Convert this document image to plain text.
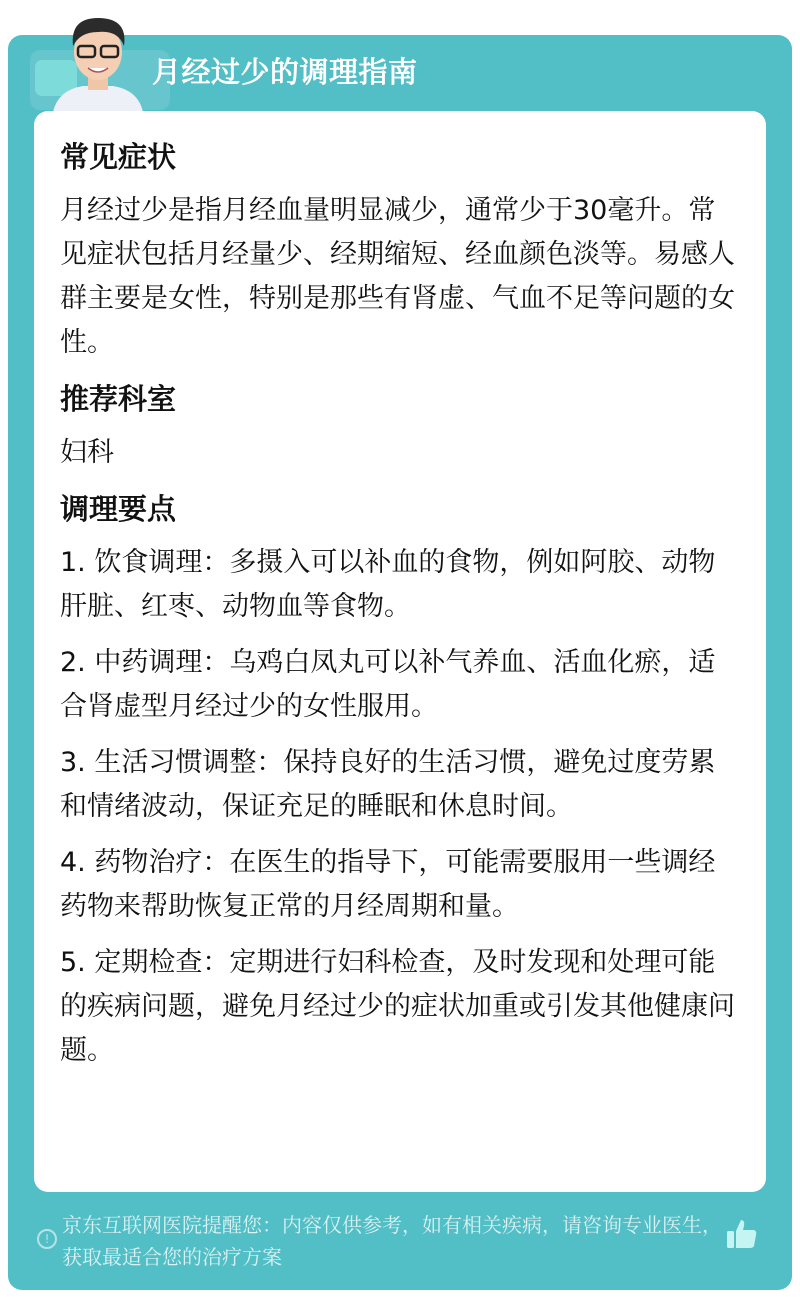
月经过少的调理指南
常见症状

月经过少是指月经血量明显减少，通常少于30毫升。常见症状包括月经量少、经期缩短、经血颜色淡等。易感人群主要是女性，特别是那些有肾虚、气血不足等问题的女性。

推荐科室

妇科

调理要点

1. 饮食调理：多摄入可以补血的食物，例如阿胶、动物肝脏、红枣、动物血等食物。

2. 中药调理：乌鸡白凤丸可以补气养血、活血化瘀，适合肾虚型月经过少的女性服用。

3. 生活习惯调整：保持良好的生活习惯，避免过度劳累和情绪波动，保证充足的睡眠和休息时间。

4. 药物治疗：在医生的指导下，可能需要服用一些调经药物来帮助恢复正常的月经周期和量。

5. 定期检查：定期进行妇科检查，及时发现和处理可能的疾病问题，避免月经过少的症状加重或引发其他健康问题。

!
京东互联网医院提醒您：内容仅供参考，如有相关疾病，请咨询专业医生，获取最适合您的治疗方案
